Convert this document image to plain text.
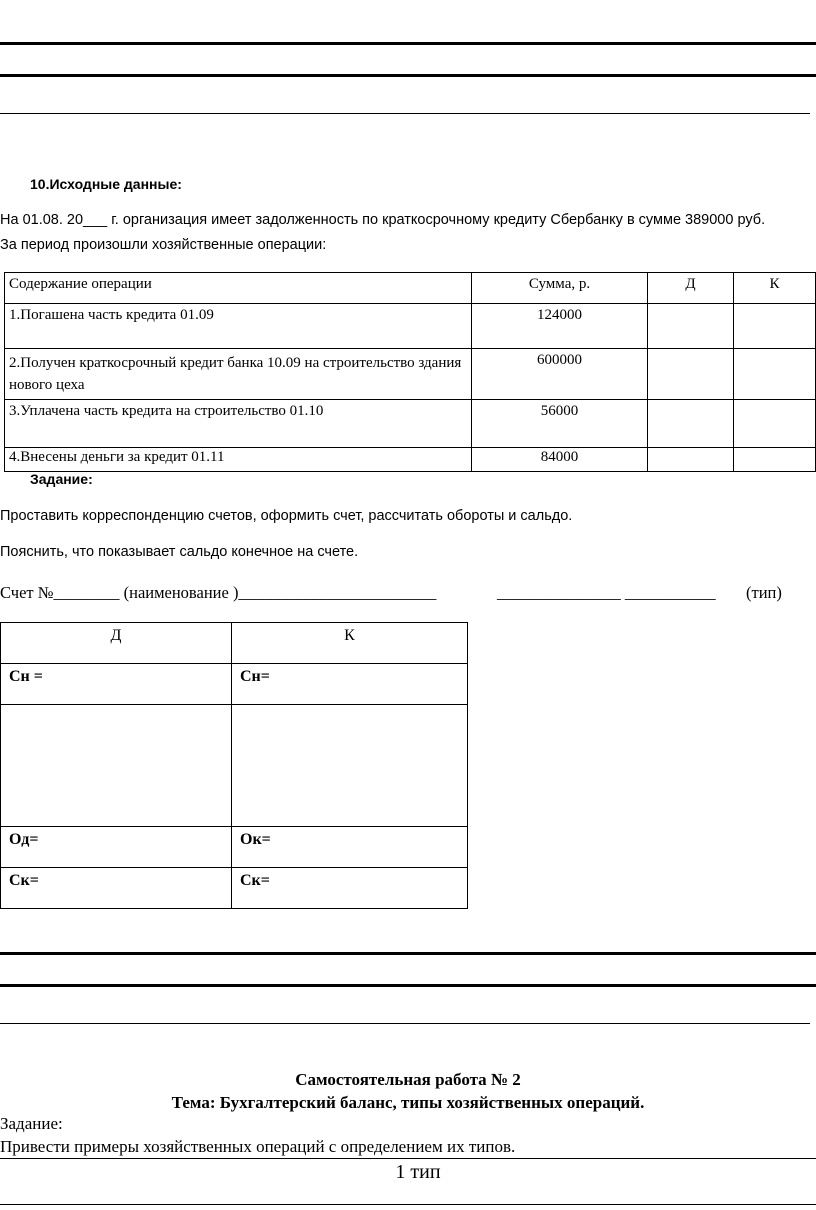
10.Исходные данные:
На 01.08. 20___ г. организация имеет задолженность по краткосрочному кредиту Сбербанку в сумме 389000 руб.
За период произошли хозяйственные операции:
Содержание операции	Сумма, р.	Д	К
1.Погашена часть кредита 01.09	124000		
2.Получен краткосрочный кредит банка 10.09 на строительство здания нового цеха	600000		
3.Уплачена часть кредита на строительство 01.10	56000		
4.Внесены деньги за кредит 01.11	84000		
Задание:
Проставить корреспонденцию счетов, оформить счет, рассчитать обороты и сальдо.
Пояснить, что показывает сальдо конечное на счете.
Счет №________ (наименование )________________________	_______________ ___________ (тип)
Д	К
Сн =	Сн=

Од=	Ок=
Ск=	Ск=
Самостоятельная работа № 2
Тема: Бухгалтерский баланс, типы хозяйственных операций.
Задание:
Привести примеры хозяйственных операций с определением их типов.
1 тип
